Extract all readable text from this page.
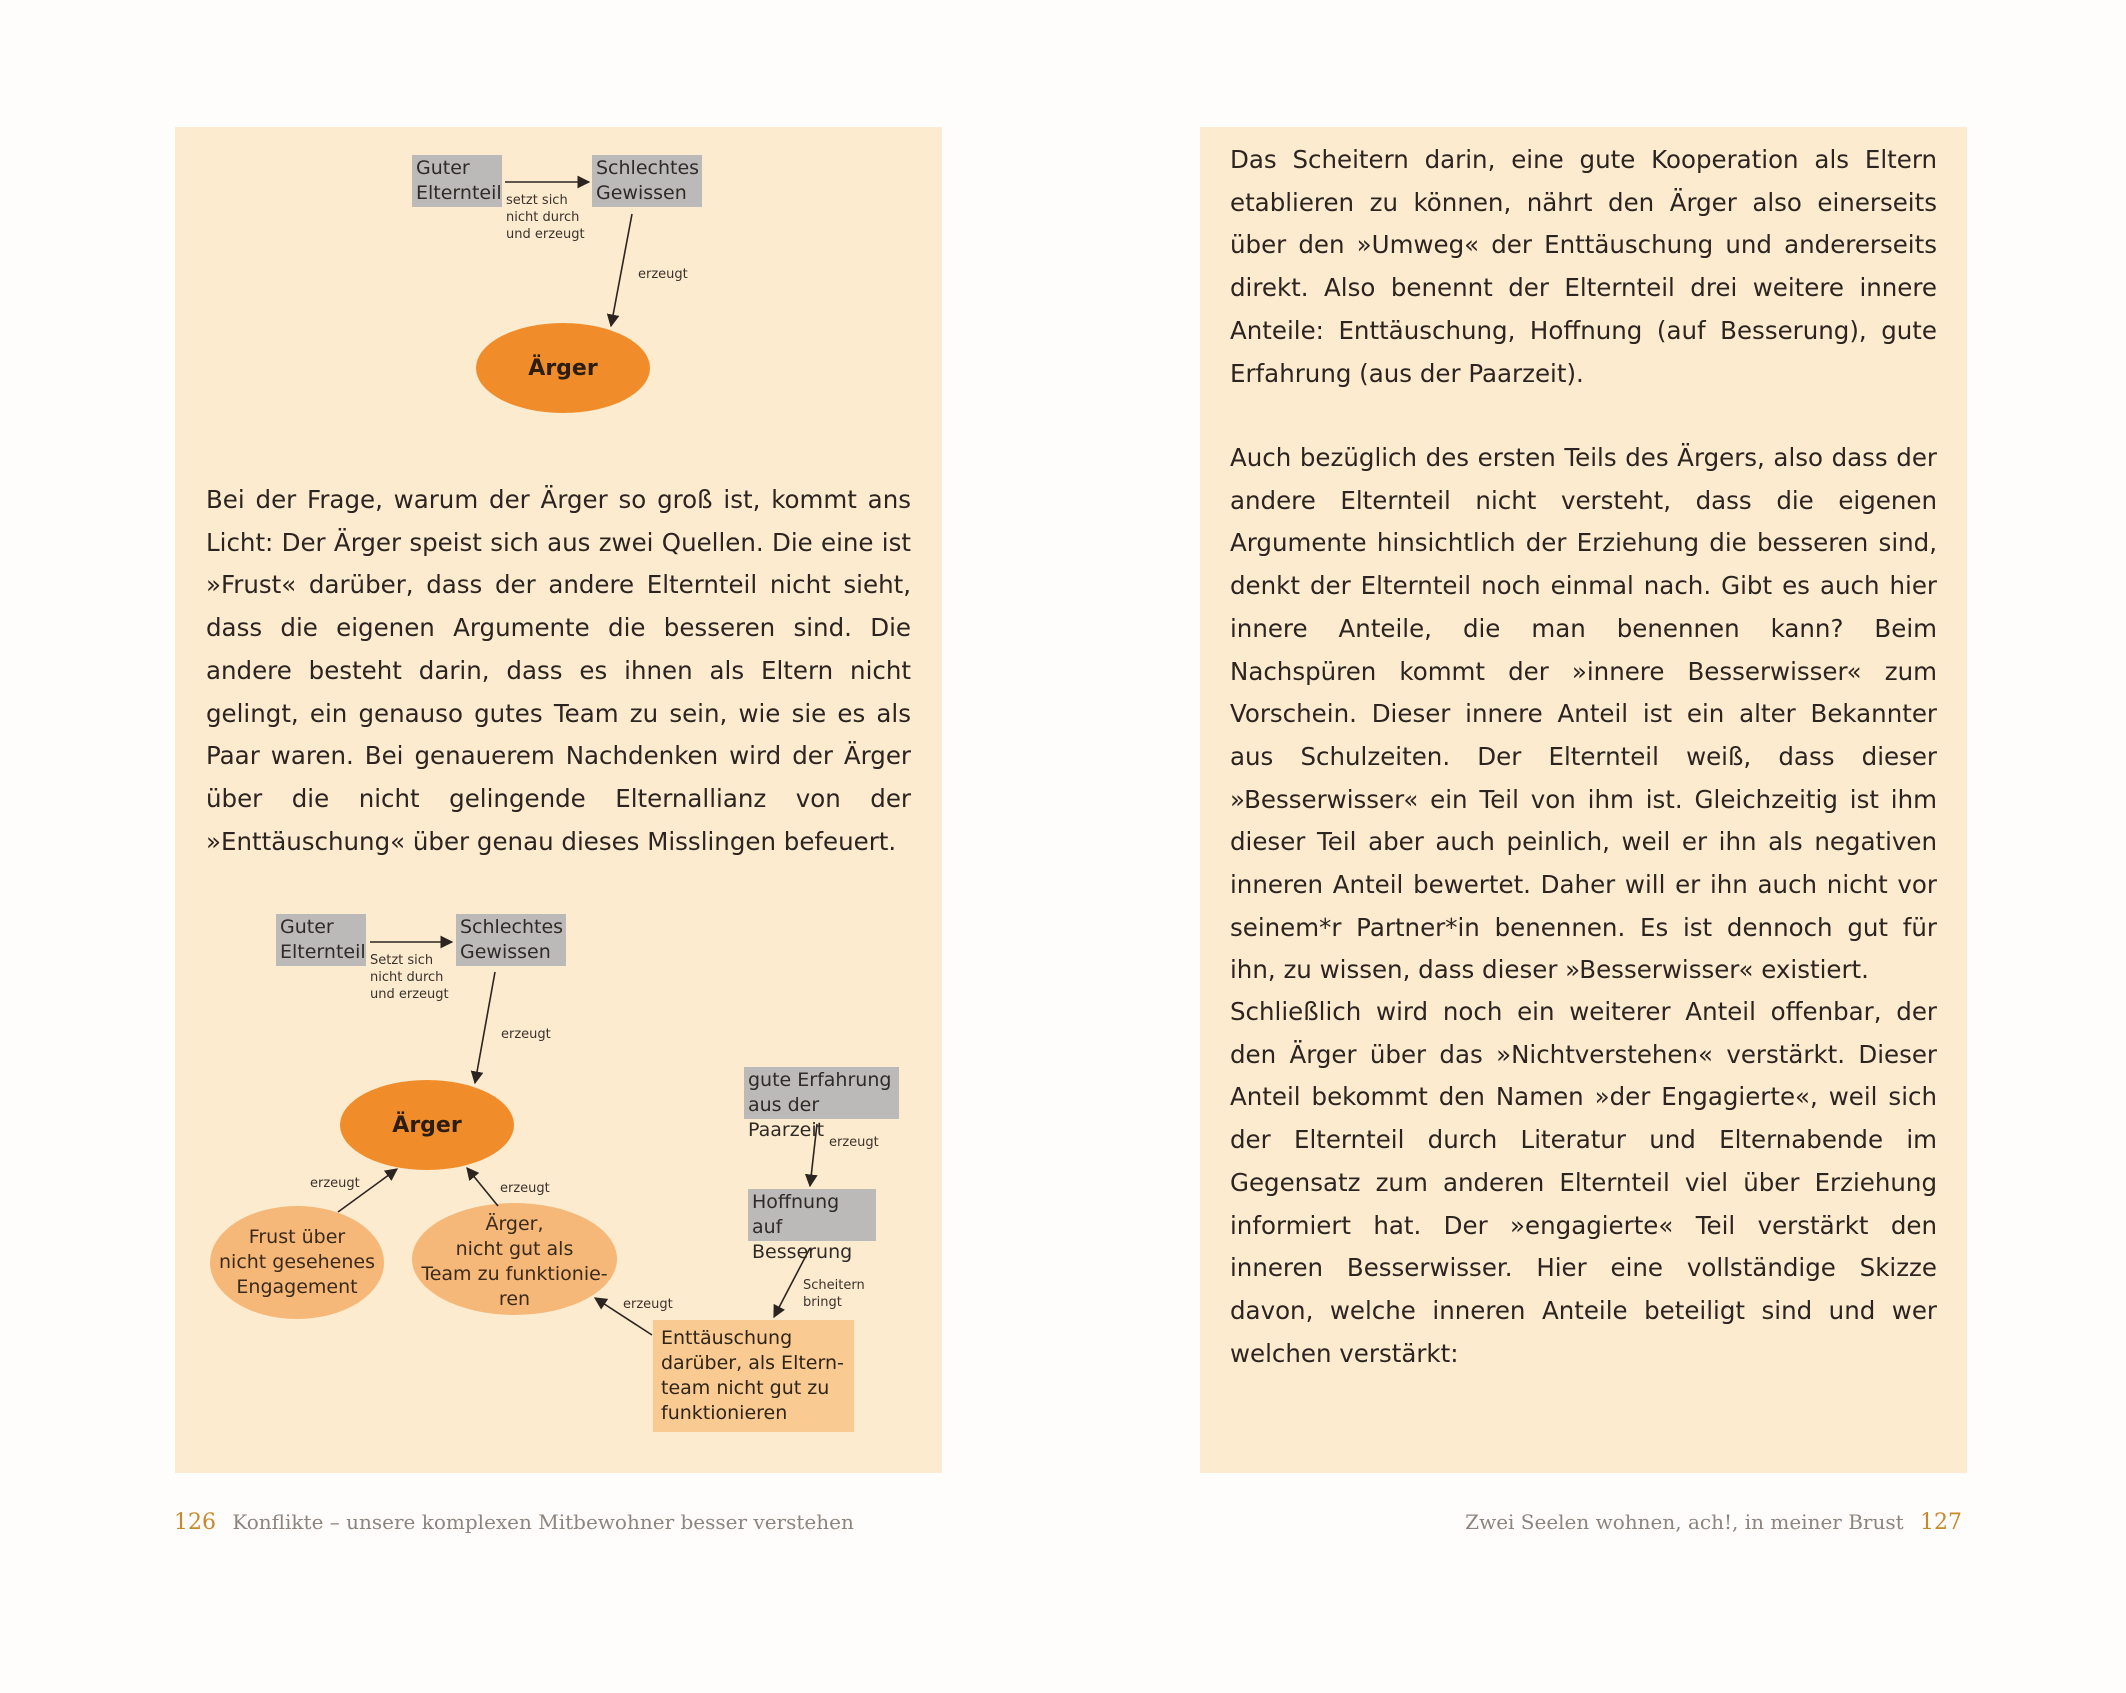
Guter
Elternteil
Schlechtes
Gewissen
setzt sich
nicht durch
und erzeugt
erzeugt
Ärger

Bei der Frage, warum der Ärger so groß ist, kommt ans Licht: Der Ärger speist sich aus zwei Quellen. Die eine ist »Frust« darüber, dass der andere Elternteil nicht sieht, dass die eigenen Argumente die besseren sind. Die andere besteht darin, dass es ihnen als Eltern nicht gelingt, ein genauso gutes Team zu sein, wie sie es als Paar waren. Bei genauerem Nachdenken wird der Ärger über die nicht gelingende Elternallianz von der »Enttäuschung« über genau dieses Misslingen befeuert.

Guter
Elternteil
Schlechtes
Gewissen
Setzt sich
nicht durch
und erzeugt
erzeugt
Ärger
gute Erfahrung
aus der Paarzeit
erzeugt
Hoffnung auf
Besserung
Scheitern
bringt
Frust über
nicht gesehenes
Engagement
erzeugt
Ärger,
nicht gut als
Team zu funktionie-
ren
erzeugt
Enttäuschung
darüber, als Eltern-
team nicht gut zu
funktionieren
erzeugt
126 Konflikte – unsere komplexen Mitbewohner besser verstehen

Das Scheitern darin, eine gute Kooperation als Eltern etablieren zu können, nährt den Ärger also einerseits über den »Umweg« der Enttäuschung und andererseits direkt. Also benennt der Elternteil drei weitere innere Anteile: Enttäuschung, Hoffnung (auf Besserung), gute Erfahrung (aus der Paarzeit).

Auch bezüglich des ersten Teils des Ärgers, also dass der andere Elternteil nicht versteht, dass die eigenen Argumente hinsichtlich der Erziehung die besseren sind, denkt der Elternteil noch einmal nach. Gibt es auch hier innere Anteile, die man benennen kann? Beim Nachspüren kommt der »innere Besserwisser« zum Vorschein. Dieser innere Anteil ist ein alter Bekannter aus Schulzeiten. Der Elternteil weiß, dass dieser »Besserwisser« ein Teil von ihm ist. Gleichzeitig ist ihm dieser Teil aber auch peinlich, weil er ihn als negativen inneren Anteil bewertet. Daher will er ihn auch nicht vor seinem*r Partner*in benennen. Es ist dennoch gut für ihn, zu wissen, dass dieser »Besserwisser« existiert.

Schließlich wird noch ein weiterer Anteil offenbar, der den Ärger über das »Nichtverstehen« verstärkt. Dieser Anteil bekommt den Namen »der Engagierte«, weil sich der Elternteil durch Literatur und Elternabende im Gegensatz zum anderen Elternteil viel über Erziehung informiert hat. Der »engagierte« Teil verstärkt den inneren Besserwisser. Hier eine vollständige Skizze davon, welche inneren Anteile beteiligt sind und wer welchen verstärkt:

Zwei Seelen wohnen, ach!, in meiner Brust 127
